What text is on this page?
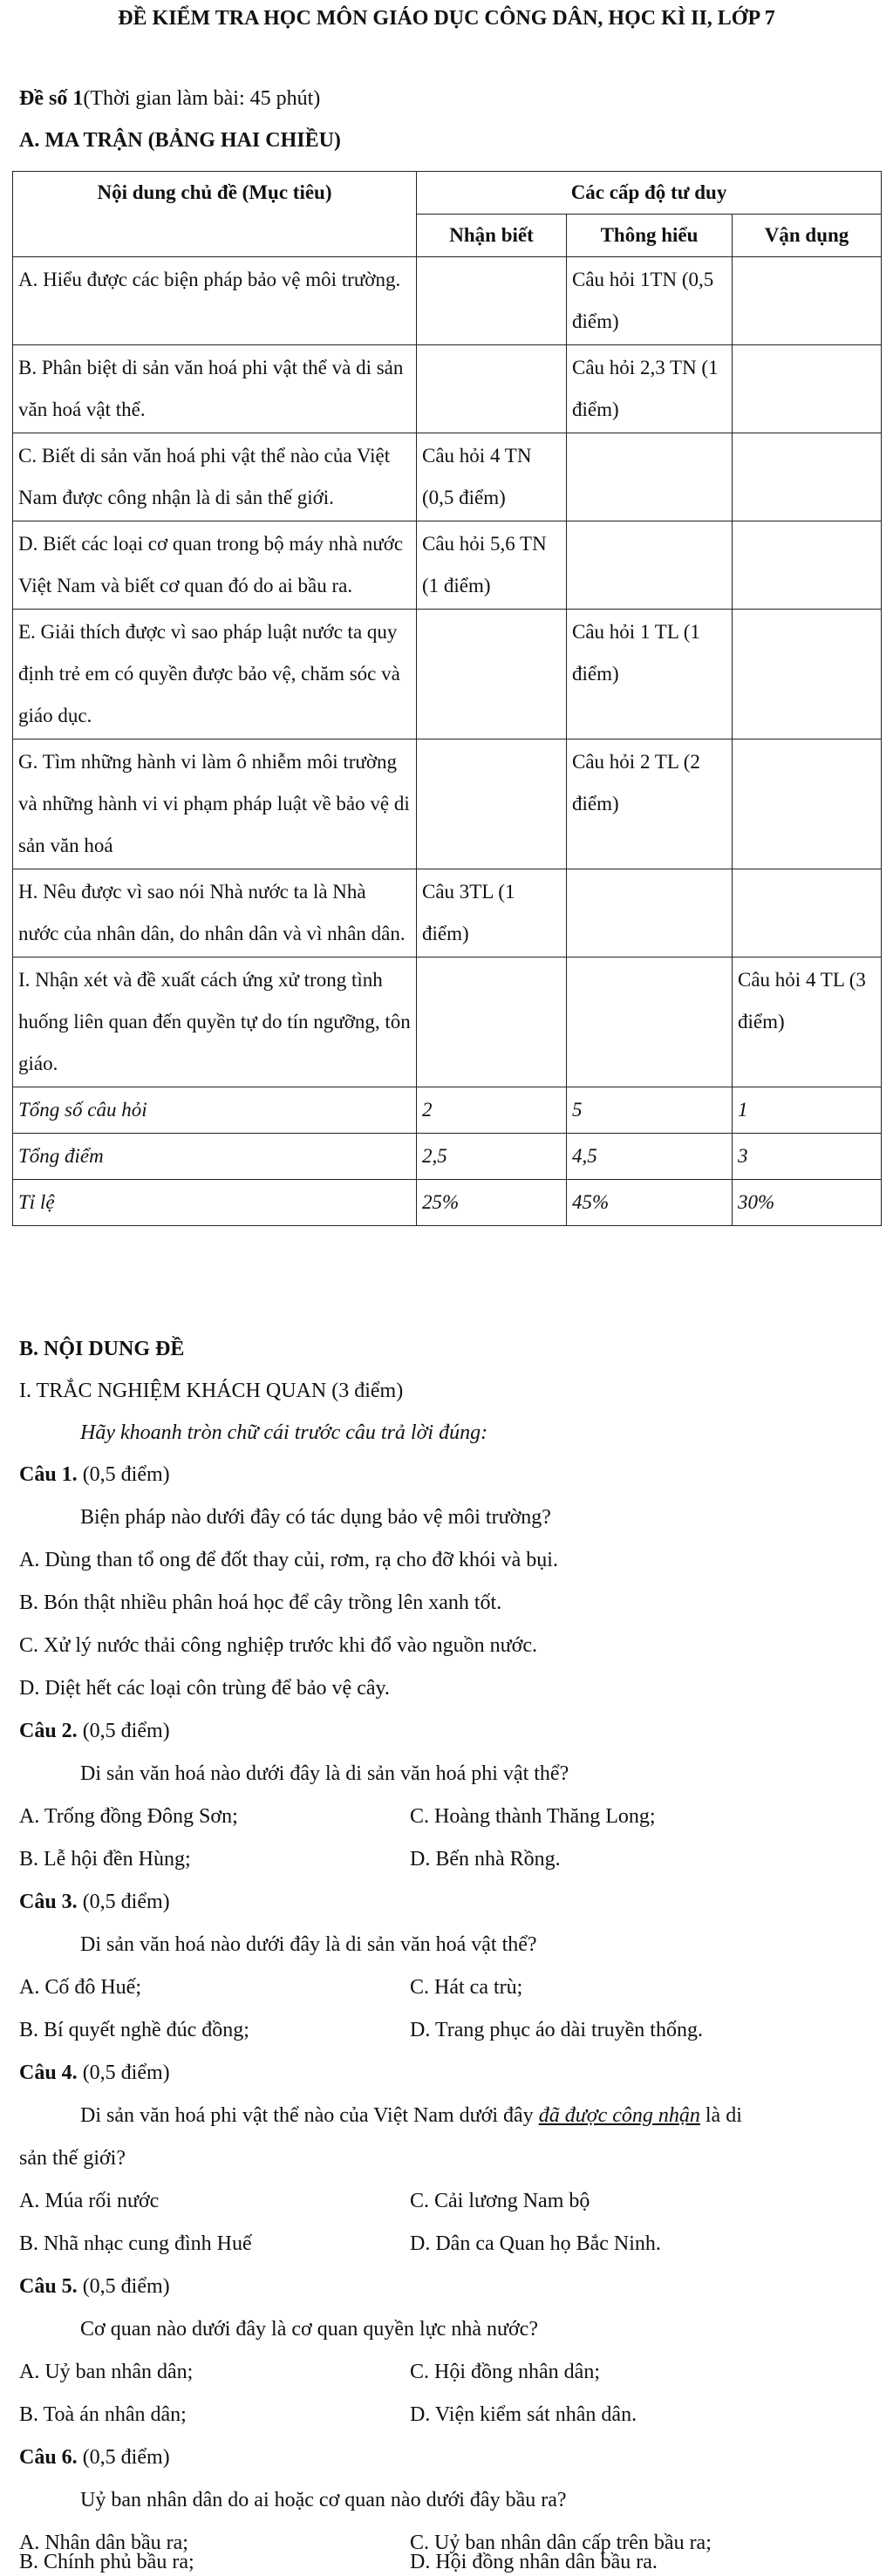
ĐỀ KIỂM TRA HỌC MÔN GIÁO DỤC CÔNG DÂN, HỌC KÌ II, LỚP 7
Đề số 1(Thời gian làm bài: 45 phút)
A. MA TRẬN (BẢNG HAI CHIỀU)
Nội dung chủ đề (Mục tiêu)	Các cấp độ tư duy		
	Nhận biết	Thông hiểu	Vận dụng
A. Hiểu được các biện pháp bảo vệ môi trường.		Câu hỏi 1TN (0,5 điểm)	
B. Phân biệt di sản văn hoá phi vật thể và di sản văn hoá vật thể.		Câu hỏi 2,3 TN (1 điểm)	
C. Biết di sản văn hoá phi vật thể nào của Việt Nam được công nhận là di sản thế giới.	Câu hỏi 4 TN (0,5 điểm)		
D. Biết các loại cơ quan trong bộ máy nhà nước Việt Nam và biết cơ quan đó do ai bầu ra.	Câu hỏi 5,6 TN (1 điểm)		
E. Giải thích được vì sao pháp luật nước ta quy định trẻ em có quyền được bảo vệ, chăm sóc và giáo dục.		Câu hỏi 1 TL (1 điểm)	
G. Tìm những hành vi làm ô nhiễm môi trường và những hành vi vi phạm pháp luật về bảo vệ di sản văn hoá		Câu hỏi 2 TL (2 điểm)	
H. Nêu được vì sao nói Nhà nước ta là Nhà nước của nhân dân, do nhân dân và vì nhân dân.	Câu 3TL (1 điểm)		
I. Nhận xét và đề xuất cách ứng xử trong tình huống liên quan đến quyền tự do tín ngưỡng, tôn giáo.			Câu hỏi 4 TL (3 điểm)
Tổng số câu hỏi	2	5	1
Tổng điểm	2,5	4,5	3
Tỉ lệ	25%	45%	30%
B. NỘI DUNG ĐỀ
I. TRẮC NGHIỆM KHÁCH QUAN (3 điểm)
Hãy khoanh tròn chữ cái trước câu trả lời đúng:
Câu 1. (0,5 điểm)
Biện pháp nào dưới đây có tác dụng bảo vệ môi trường?
A. Dùng than tổ ong để đốt thay củi, rơm, rạ cho đỡ khói và bụi.
B. Bón thật nhiều phân hoá học để cây trồng lên xanh tốt.
C. Xử lý nước thải công nghiệp trước khi đổ vào nguồn nước.
D. Diệt hết các loại côn trùng để bảo vệ cây.
Câu 2. (0,5 điểm)
Di sản văn hoá nào dưới đây là di sản văn hoá phi vật thể?
A. Trống đồng Đông Sơn;	C. Hoàng thành Thăng Long;
B. Lễ hội đền Hùng;	D. Bến nhà Rồng.
Câu 3. (0,5 điểm)
Di sản văn hoá nào dưới đây là di sản văn hoá vật thể?
A. Cố đô Huế;	C. Hát ca trù;
B. Bí quyết nghề đúc đồng;	D. Trang phục áo dài truyền thống.
Câu 4. (0,5 điểm)
Di sản văn hoá phi vật thể nào của Việt Nam dưới đây đã được công nhận là di
sản thế giới?
A. Múa rối nước	C. Cải lương Nam bộ
B. Nhã nhạc cung đình Huế	D. Dân ca Quan họ Bắc Ninh.
Câu 5. (0,5 điểm)
Cơ quan nào dưới đây là cơ quan quyền lực nhà nước?
A. Uỷ ban nhân dân;	C. Hội đồng nhân dân;
B. Toà án nhân dân;	D. Viện kiểm sát nhân dân.
Câu 6. (0,5 điểm)
Uỷ ban nhân dân do ai hoặc cơ quan nào dưới đây bầu ra?
A. Nhân dân bầu ra;	C. Uỷ ban nhân dân cấp trên bầu ra;
B. Chính phủ bầu ra;	D. Hội đồng nhân dân bầu ra.
